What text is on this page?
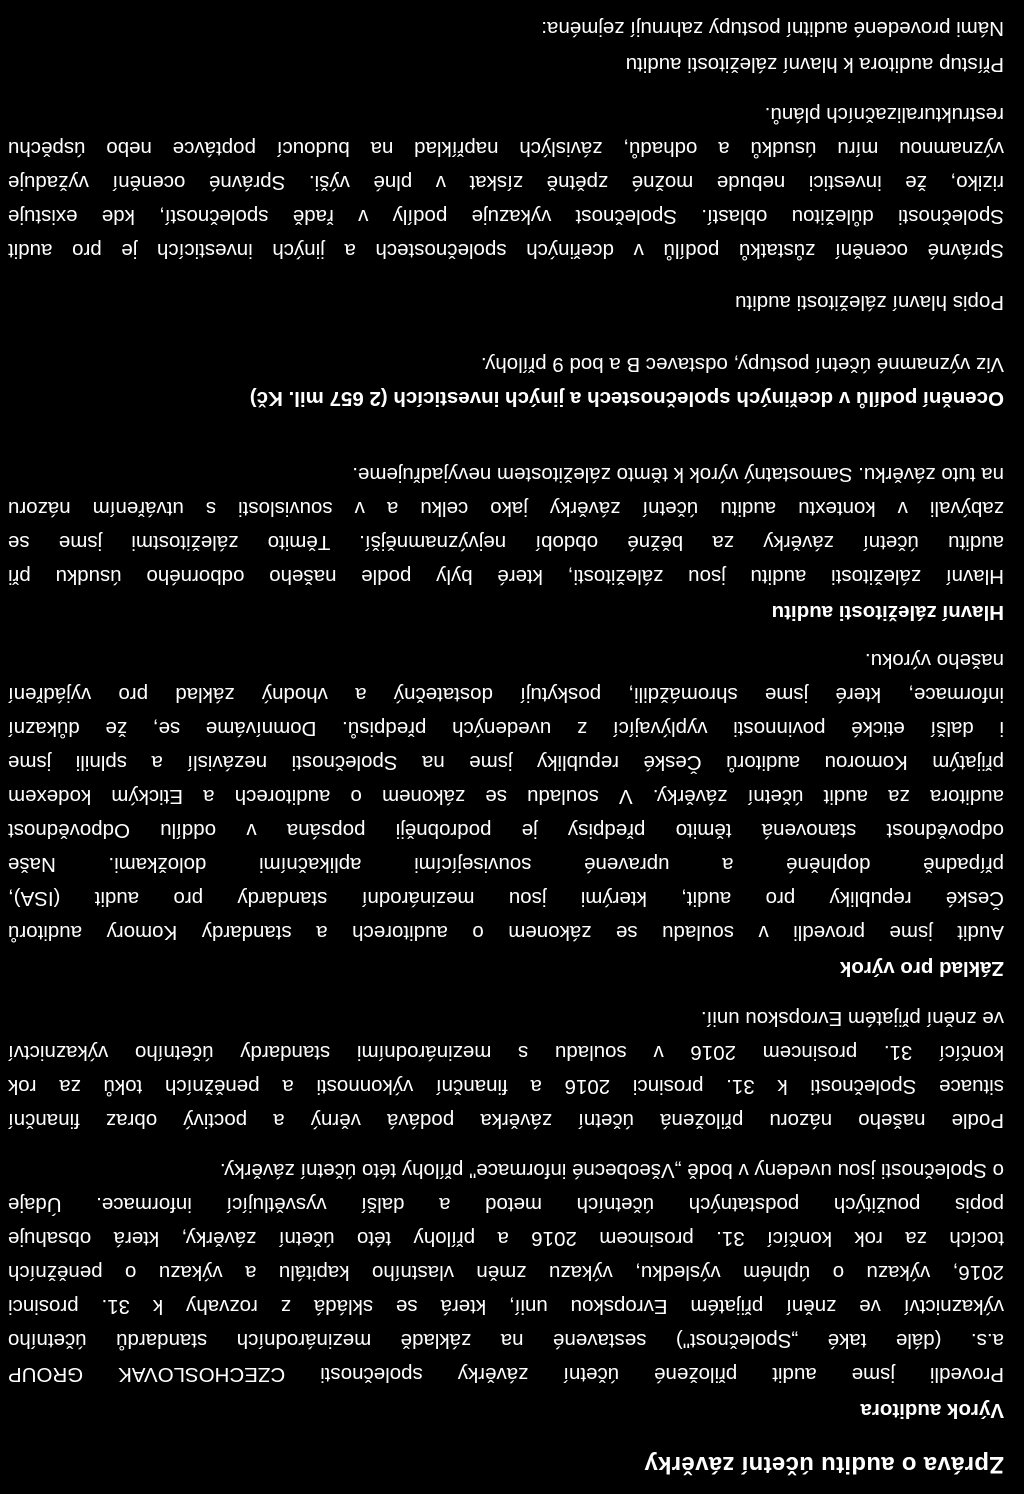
Zpráva o auditu účetní závěrky
Výrok auditora
Provedli jsme audit přiložené účetní závěrky společnosti CZECHOSLOVAK GROUP
a.s. (dále také „Společnost") sestavené na základě mezinárodních standardů účetního
výkaznictví ve znění přijatém Evropskou unií, která se skládá z rozvahy k 31. prosinci
2016, výkazu o úplném výsledku, výkazu změn vlastního kapitálu a výkazu o peněžních
tocích za rok končící 31. prosincem 2016 a přílohy této účetní závěrky, která obsahuje
popis použitých podstatných účetních metod a další vysvětlující informace. Údaje
o Společnosti jsou uvedeny v bodě „Všeobecné informace" přílohy této účetní závěrky.
Podle našeho názoru přiložená účetní závěrka podává věrný a poctivý obraz finanční
situace Společnosti k 31. prosinci 2016 a finanční výkonnosti a peněžních toků za rok
končící 31. prosincem 2016 v souladu s mezinárodními standardy účetního výkaznictví
ve znění přijatém Evropskou unií.
Základ pro výrok
Audit jsme provedli v souladu se zákonem o auditorech a standardy Komory auditorů
České republiky pro audit, kterými jsou mezinárodní standardy pro audit (ISA),
případně doplněné a upravené souvisejícími aplikačními doložkami. Naše
odpovědnost stanovená těmito předpisy je podrobněji popsána v oddílu Odpovědnost
auditora za audit účetní závěrky. V souladu se zákonem o auditorech a Etickým kodexem
přijatým Komorou auditorů České republiky jsme na Společnosti nezávislí a splnili jsme
i další etické povinnosti vyplývající z uvedených předpisů. Domníváme se, že důkazní
informace, které jsme shromáždili, poskytují dostatečný a vhodný základ pro vyjádření
našeho výroku.
Hlavní záležitosti auditu
Hlavní záležitosti auditu jsou záležitosti, které byly podle našeho odborného úsudku při
auditu účetní závěrky za běžné období nejvýznamnější. Těmito záležitostmi jsme se
zabývali v kontextu auditu účetní závěrky jako celku a v souvislosti s utvářením názoru
na tuto závěrku. Samostatný výrok k těmto záležitostem nevyjadřujeme.
Ocenění podílů v dceřiných společnostech a jiných investicích (2 657 mil. Kč)
Viz významné účetní postupy, odstavec B a bod 9 přílohy.
Popis hlavní záležitosti auditu
Správné ocenění zůstatků podílů v dceřiných společnostech a jiných investicích je pro audit
Společnosti důležitou oblastí. Společnost vykazuje podíly v řadě společností, kde existuje
riziko, že investici nebude možné zpětně získat v plné výši. Správné ocenění vyžaduje
významnou míru úsudků a odhadů, závislých například na budoucí poptávce nebo úspěchu
restrukturalizačních plánů.
Přístup auditora k hlavní záležitosti auditu
Námi provedené auditní postupy zahrnují zejména:
